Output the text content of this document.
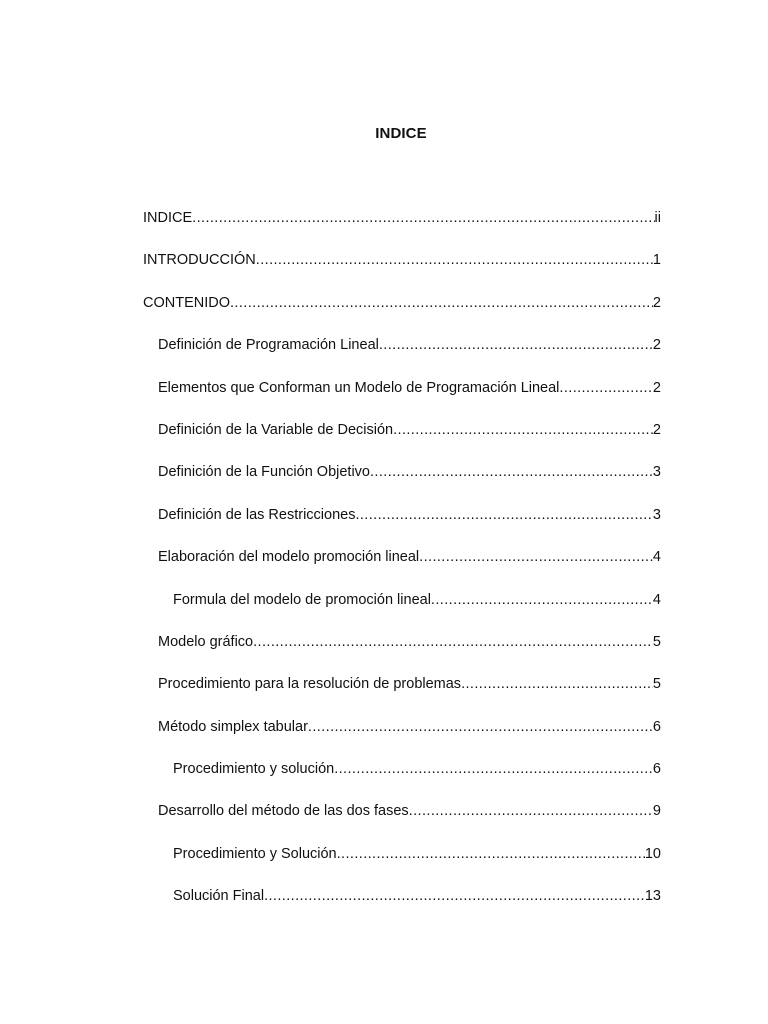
INDICE
INDICE .....	ii
INTRODUCCIÓN .....	1
CONTENIDO .....	2
Definición de Programación Lineal .....	2
Elementos que Conforman un Modelo de Programación Lineal .....	2
Definición de la Variable de Decisión .....	2
Definición de la Función Objetivo .....	3
Definición de las Restricciones .....	3
Elaboración del modelo promoción lineal .....	4
Formula del modelo de promoción lineal .....	4
Modelo gráfico .....	5
Procedimiento para la resolución de problemas .....	5
Método simplex tabular .....	6
Procedimiento y solución .....	6
Desarrollo del método de las dos fases .....	9
Procedimiento y Solución .....	10
Solución Final .....	13
